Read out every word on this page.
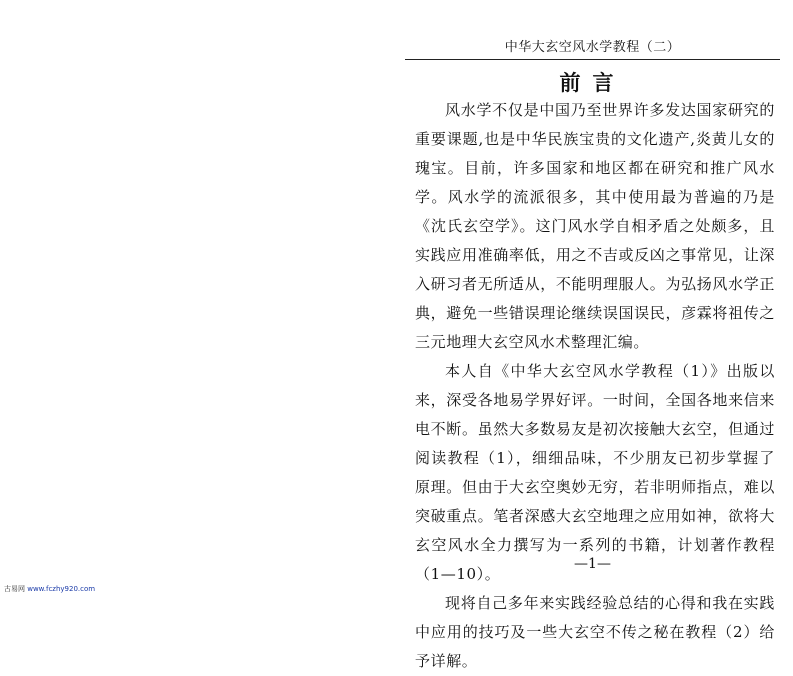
中华大玄空风水学教程（二）
前言

风水学不仅是中国乃至世界许多发达国家研究的重要课题,也是中华民族宝贵的文化遗产,炎黄儿女的瑰宝。目前，许多国家和地区都在研究和推广风水学。风水学的流派很多，其中使用最为普遍的乃是《沈氏玄空学》。这门风水学自相矛盾之处颇多，且实践应用准确率低，用之不吉或反凶之事常见，让深入研习者无所适从，不能明理服人。为弘扬风水学正典，避免一些错误理论继续误国误民，彦霖将祖传之三元地理大玄空风水术整理汇编。

本人自《中华大玄空风水学教程（1）》出版以来，深受各地易学界好评。一时间，全国各地来信来电不断。虽然大多数易友是初次接触大玄空，但通过阅读教程（1），细细品味，不少朋友已初步掌握了原理。但由于大玄空奥妙无穷，若非明师指点，难以突破重点。笔者深感大玄空地理之应用如神，欲将大玄空风水全力撰写为一系列的书籍，计划著作教程（1—10）。

现将自己多年来实践经验总结的心得和我在实践中应用的技巧及一些大玄空不传之秘在教程（2）给予详解。

—1—
古易网 www.fczhy920.com
